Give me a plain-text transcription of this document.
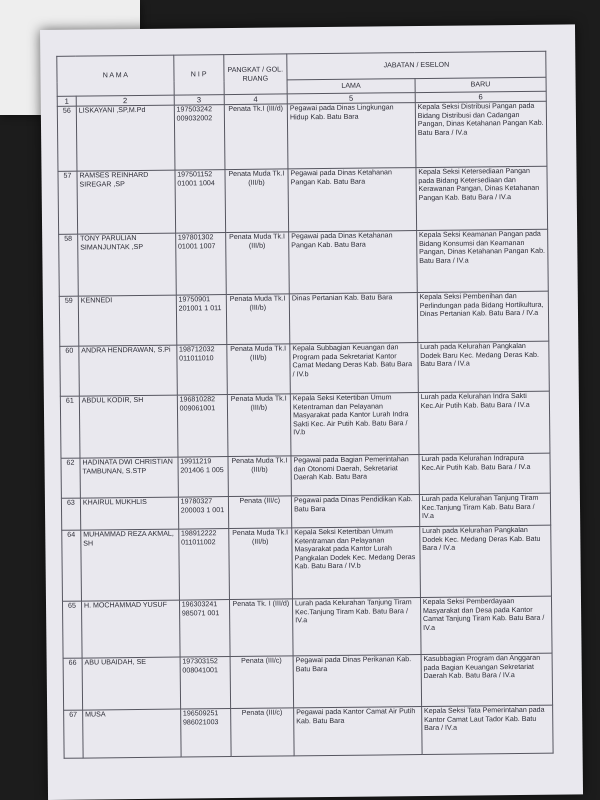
N A M A		N I P	PANGKAT / GOL. RUANG	JABATAN / ESELON	
				LAMA	BARU
1	2	3	4	5	6
56	LISKAYANI ,SP,M.Pd	197503242 009032002	Penata Tk.I (III/d)	Pegawai pada Dinas Lingkungan Hidup Kab. Batu Bara	Kepala Seksi Distribusi Pangan pada Bidang Distribusi dan Cadangan Pangan, Dinas Ketahanan Pangan Kab. Batu Bara / IV.a
57	RAMSES REINHARD SIREGAR ,SP	197501152 01001 1004	Penata Muda Tk.I (III/b)	Pegawai pada Dinas Ketahanan Pangan Kab. Batu Bara	Kepala Seksi Ketersediaan Pangan pada Bidang Ketersediaan dan Kerawanan Pangan, Dinas Ketahanan Pangan Kab. Batu Bara / IV.a
58	TONY PARULIAN SIMANJUNTAK ,SP	197801302 01001 1007	Penata Muda Tk.I (III/b)	Pegawai pada Dinas Ketahanan Pangan Kab. Batu Bara	Kepala Seksi Keamanan Pangan pada Bidang Konsumsi dan Keamanan Pangan, Dinas Ketahanan Pangan Kab. Batu Bara / IV.a
59	KENNEDI	19750901 201001 1 011	Penata Muda Tk.I (III/b)	Dinas Pertanian Kab. Batu Bara	Kepala Seksi Pembenihan dan Perlindungan pada Bidang Hortikultura, Dinas Pertanian Kab. Batu Bara / IV.a
60	ANDRA HENDRAWAN, S.Pi	198712032 011011010	Penata Muda Tk.I (III/b)	Kepala Subbagian Keuangan dan Program pada Sekretariat Kantor Camat Medang Deras Kab. Batu Bara / IV.b	Lurah pada Kelurahan Pangkalan Dodek Baru Kec. Medang Deras Kab. Batu Bara / IV.a
61	ABDUL KODIR, SH	196810282 009061001	Penata Muda Tk.I (III/b)	Kepala Seksi Ketertiban Umum Ketentraman dan Pelayanan Masyarakat pada Kantor Lurah Indra Sakti Kec. Air Putih Kab. Batu Bara / IV.b	Lurah pada Kelurahan Indra Sakti Kec.Air Putih Kab. Batu Bara / IV.a
62	HADINATA DWI CHRISTIAN TAMBUNAN, S.STP	19911219 201406 1 005	Penata Muda Tk.I (III/b)	Pegawai pada Bagian Pemerintahan dan Otonomi Daerah, Sekretariat Daerah Kab. Batu Bara	Lurah pada Kelurahan Indrapura Kec.Air Putih Kab. Batu Bara / IV.a
63	KHAIRUL MUKHLIS	19780327 200003 1 001	Penata (III/c)	Pegawai pada Dinas Pendidikan Kab. Batu Bara	Lurah pada Kelurahan Tanjung Tiram Kec.Tanjung Tiram Kab. Batu Bara / IV.a
64	MUHAMMAD REZA AKMAL, SH	198912222 011011002	Penata Muda Tk.I (III/b)	Kepala Seksi Ketertiban Umum Ketentraman dan Pelayanan Masyarakat pada Kantor Lurah Pangkalan Dodek Kec. Medang Deras Kab. Batu Bara / IV.b	Lurah pada Kelurahan Pangkalan Dodek Kec. Medang Deras Kab. Batu Bara / IV.a
65	H. MOCHAMMAD YUSUF	196303241 985071 001	Penata Tk. I (III/d)	Lurah pada Kelurahan Tanjung Tiram Kec.Tanjung Tiram Kab. Batu Bara / IV.a	Kepala Seksi Pemberdayaan Masyarakat dan Desa pada Kantor Camat Tanjung Tiram Kab. Batu Bara / IV.a
66	ABU UBAIDAH, SE	197303152 008041001	Penata (III/c)	Pegawai pada Dinas Perikanan Kab. Batu Bara	Kasubbagian Program dan Anggaran pada Bagian Keuangan Sekretariat Daerah Kab. Batu Bara / IV.a
67	MUSA	196509251 986021003	Penata (III/c)	Pegawai pada Kantor Camat Air Putih Kab. Batu Bara	Kepala Seksi Tata Pemerintahan pada Kantor Camat Laut Tador Kab. Batu Bara / IV.a
